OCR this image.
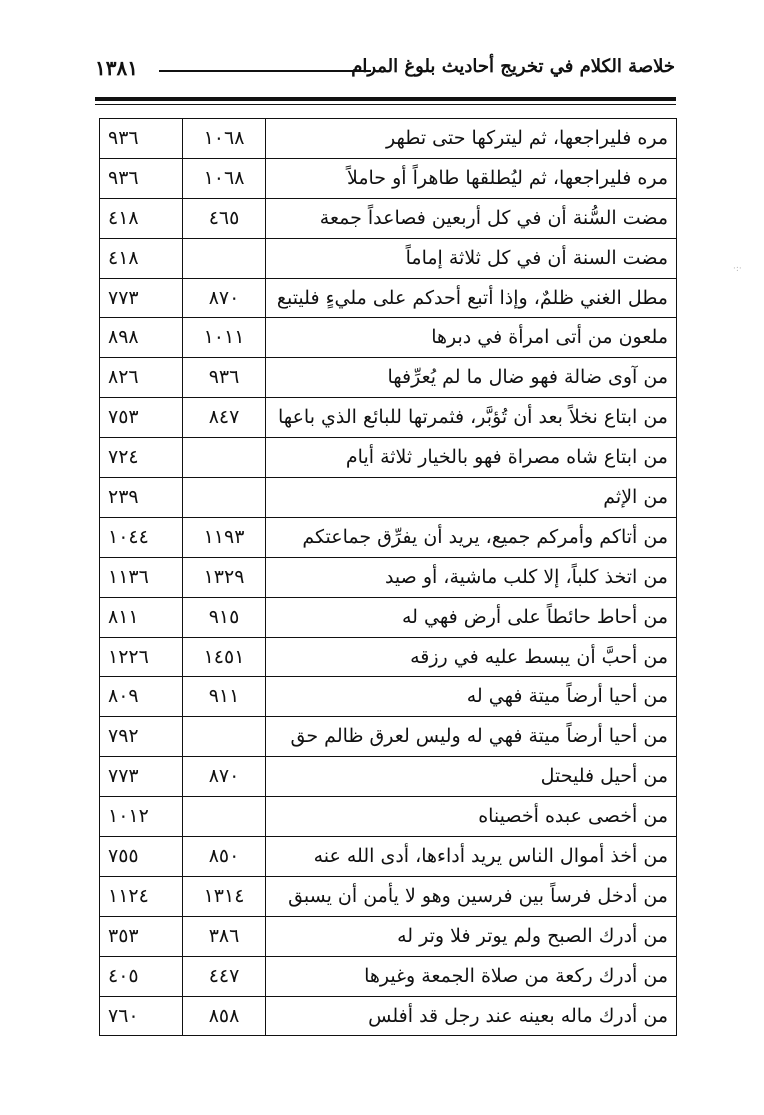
١٣٨١	خلاصة الكلام في تخريج أحاديث بلوغ المرام
·:·
٩٣٦	١٠٦٨	مره فليراجعها، ثم ليتركها حتى تطهر
٩٣٦	١٠٦٨	مره فليراجعها، ثم ليُطلقها طاهراً أو حاملاً
٤١٨	٤٦٥	مضت السُّنة أن في كل أربعين فصاعداً جمعة
٤١٨		مضت السنة أن في كل ثلاثة إماماً
٧٧٣	٨٧٠	مطل الغني ظلمٌ، وإذا أتبع أحدكم على مليءٍ فليتبع
٨٩٨	١٠١١	ملعون من أتى امرأة في دبرها
٨٢٦	٩٣٦	من آوى ضالة فهو ضال ما لم يُعرِّفها
٧٥٣	٨٤٧	من ابتاع نخلاً بعد أن تُؤبَّر، فثمرتها للبائع الذي باعها
٧٢٤		من ابتاع شاه مصراة فهو بالخيار ثلاثة أيام
٢٣٩		من الإثم
١٠٤٤	١١٩٣	من أتاكم وأمركم جميع، يريد أن يفرِّق جماعتكم
١١٣٦	١٣٢٩	من اتخذ كلباً، إلا كلب ماشية، أو صيد
٨١١	٩١٥	من أحاط حائطاً على أرض فهي له
١٢٢٦	١٤٥١	من أحبَّ أن يبسط عليه في رزقه
٨٠٩	٩١١	من أحيا أرضاً ميتة فهي له
٧٩٢		من أحيا أرضاً ميتة فهي له وليس لعرق ظالم حق
٧٧٣	٨٧٠	من أحيل فليحتل
١٠١٢		من أخصى عبده أخصيناه
٧٥٥	٨٥٠	من أخذ أموال الناس يريد أداءها، أدى الله عنه
١١٢٤	١٣١٤	من أدخل فرساً بين فرسين وهو لا يأمن أن يسبق
٣٥٣	٣٨٦	من أدرك الصبح ولم يوتر فلا وتر له
٤٠٥	٤٤٧	من أدرك ركعة من صلاة الجمعة وغيرها
٧٦٠	٨٥٨	من أدرك ماله بعينه عند رجل قد أفلس
